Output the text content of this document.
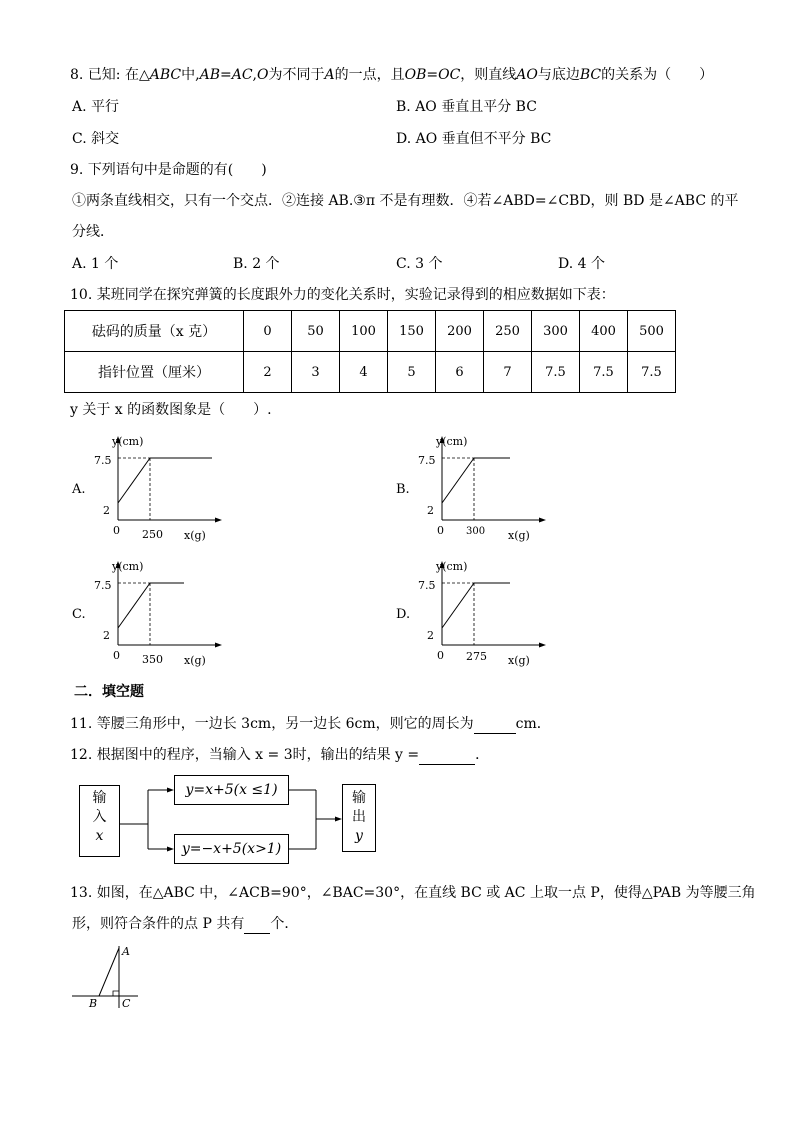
8. 已知: 在△ABC中,AB=AC,O为不同于A的一点，且OB=OC，则直线AO与底边BC的关系为（　　）
A. 平行	B. AO 垂直且平分 BC
C. 斜交	D. AO 垂直但不平分 BC
9. 下列语句中是命题的有(　　)
①两条直线相交，只有一个交点．②连接 AB.③π 不是有理数．④若∠ABD=∠CBD，则 BD 是∠ABC 的平
分线．
A. 1 个	B. 2 个	C. 3 个	D. 4 个
10. 某班同学在探究弹簧的长度跟外力的变化关系时，实验记录得到的相应数据如下表：
砝码的质量（x 克）	0	50	100	150	200	250	300	400	500
指针位置（厘米）	2	3	4	5	6	7	7.5	7.5	7.5
y 关于 x 的函数图象是（　　）.
A.	B.
C.	D.
y(cm)
7.5
2
0 250 x(g)
y(cm)
7.5
2
0 300 x(g)
y(cm)
7.5
2
0 350 x(g)
y(cm)
7.5
2
0 275 x(g)
二．填空题
11. 等腰三角形中，一边长 3cm，另一边长 6cm，则它的周长为	cm．
12. 根据图中的程序，当输入 x = 3时，输出的结果 y =	．
输
入
x
y=x+5(x ≤1)
y=−x+5(x>1)
输
出
y
13. 如图，在△ABC 中，∠ACB=90°，∠BAC=30°，在直线 BC 或 AC 上取一点 P，使得△PAB 为等腰三角
形，则符合条件的点 P 共有 个．
A
B C
